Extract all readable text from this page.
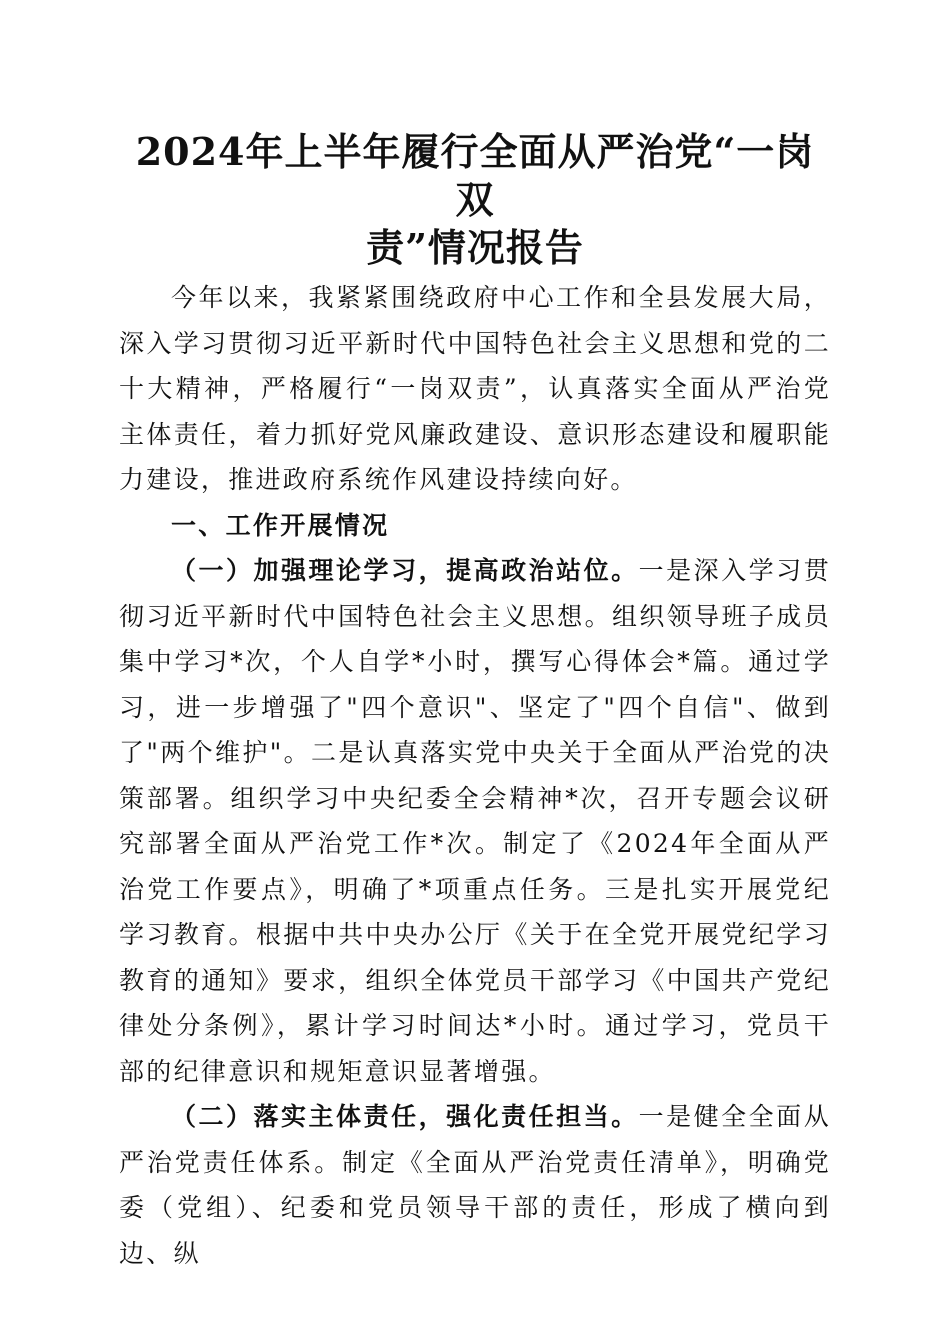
2024年上半年履行全面从严治党“一岗双
责”情况报告

今年以来，我紧紧围绕政府中心工作和全县发展大局，深入学习贯彻习近平新时代中国特色社会主义思想和党的二十大精神，严格履行“一岗双责”，认真落实全面从严治党主体责任，着力抓好党风廉政建设、意识形态建设和履职能力建设，推进政府系统作风建设持续向好。

一、工作开展情况

（一）加强理论学习，提高政治站位。一是深入学习贯彻习近平新时代中国特色社会主义思想。组织领导班子成员集中学习*次，个人自学*小时，撰写心得体会*篇。通过学习，进一步增强了"四个意识"、坚定了"四个自信"、做到了"两个维护"。二是认真落实党中央关于全面从严治党的决策部署。组织学习中央纪委全会精神*次，召开专题会议研究部署全面从严治党工作*次。制定了《2024年全面从严治党工作要点》，明确了*项重点任务。三是扎实开展党纪学习教育。根据中共中央办公厅《关于在全党开展党纪学习教育的通知》要求，组织全体党员干部学习《中国共产党纪律处分条例》，累计学习时间达*小时。通过学习，党员干部的纪律意识和规矩意识显著增强。

（二）落实主体责任，强化责任担当。一是健全全面从严治党责任体系。制定《全面从严治党责任清单》，明确党委（党组）、纪委和党员领导干部的责任，形成了横向到边、纵
